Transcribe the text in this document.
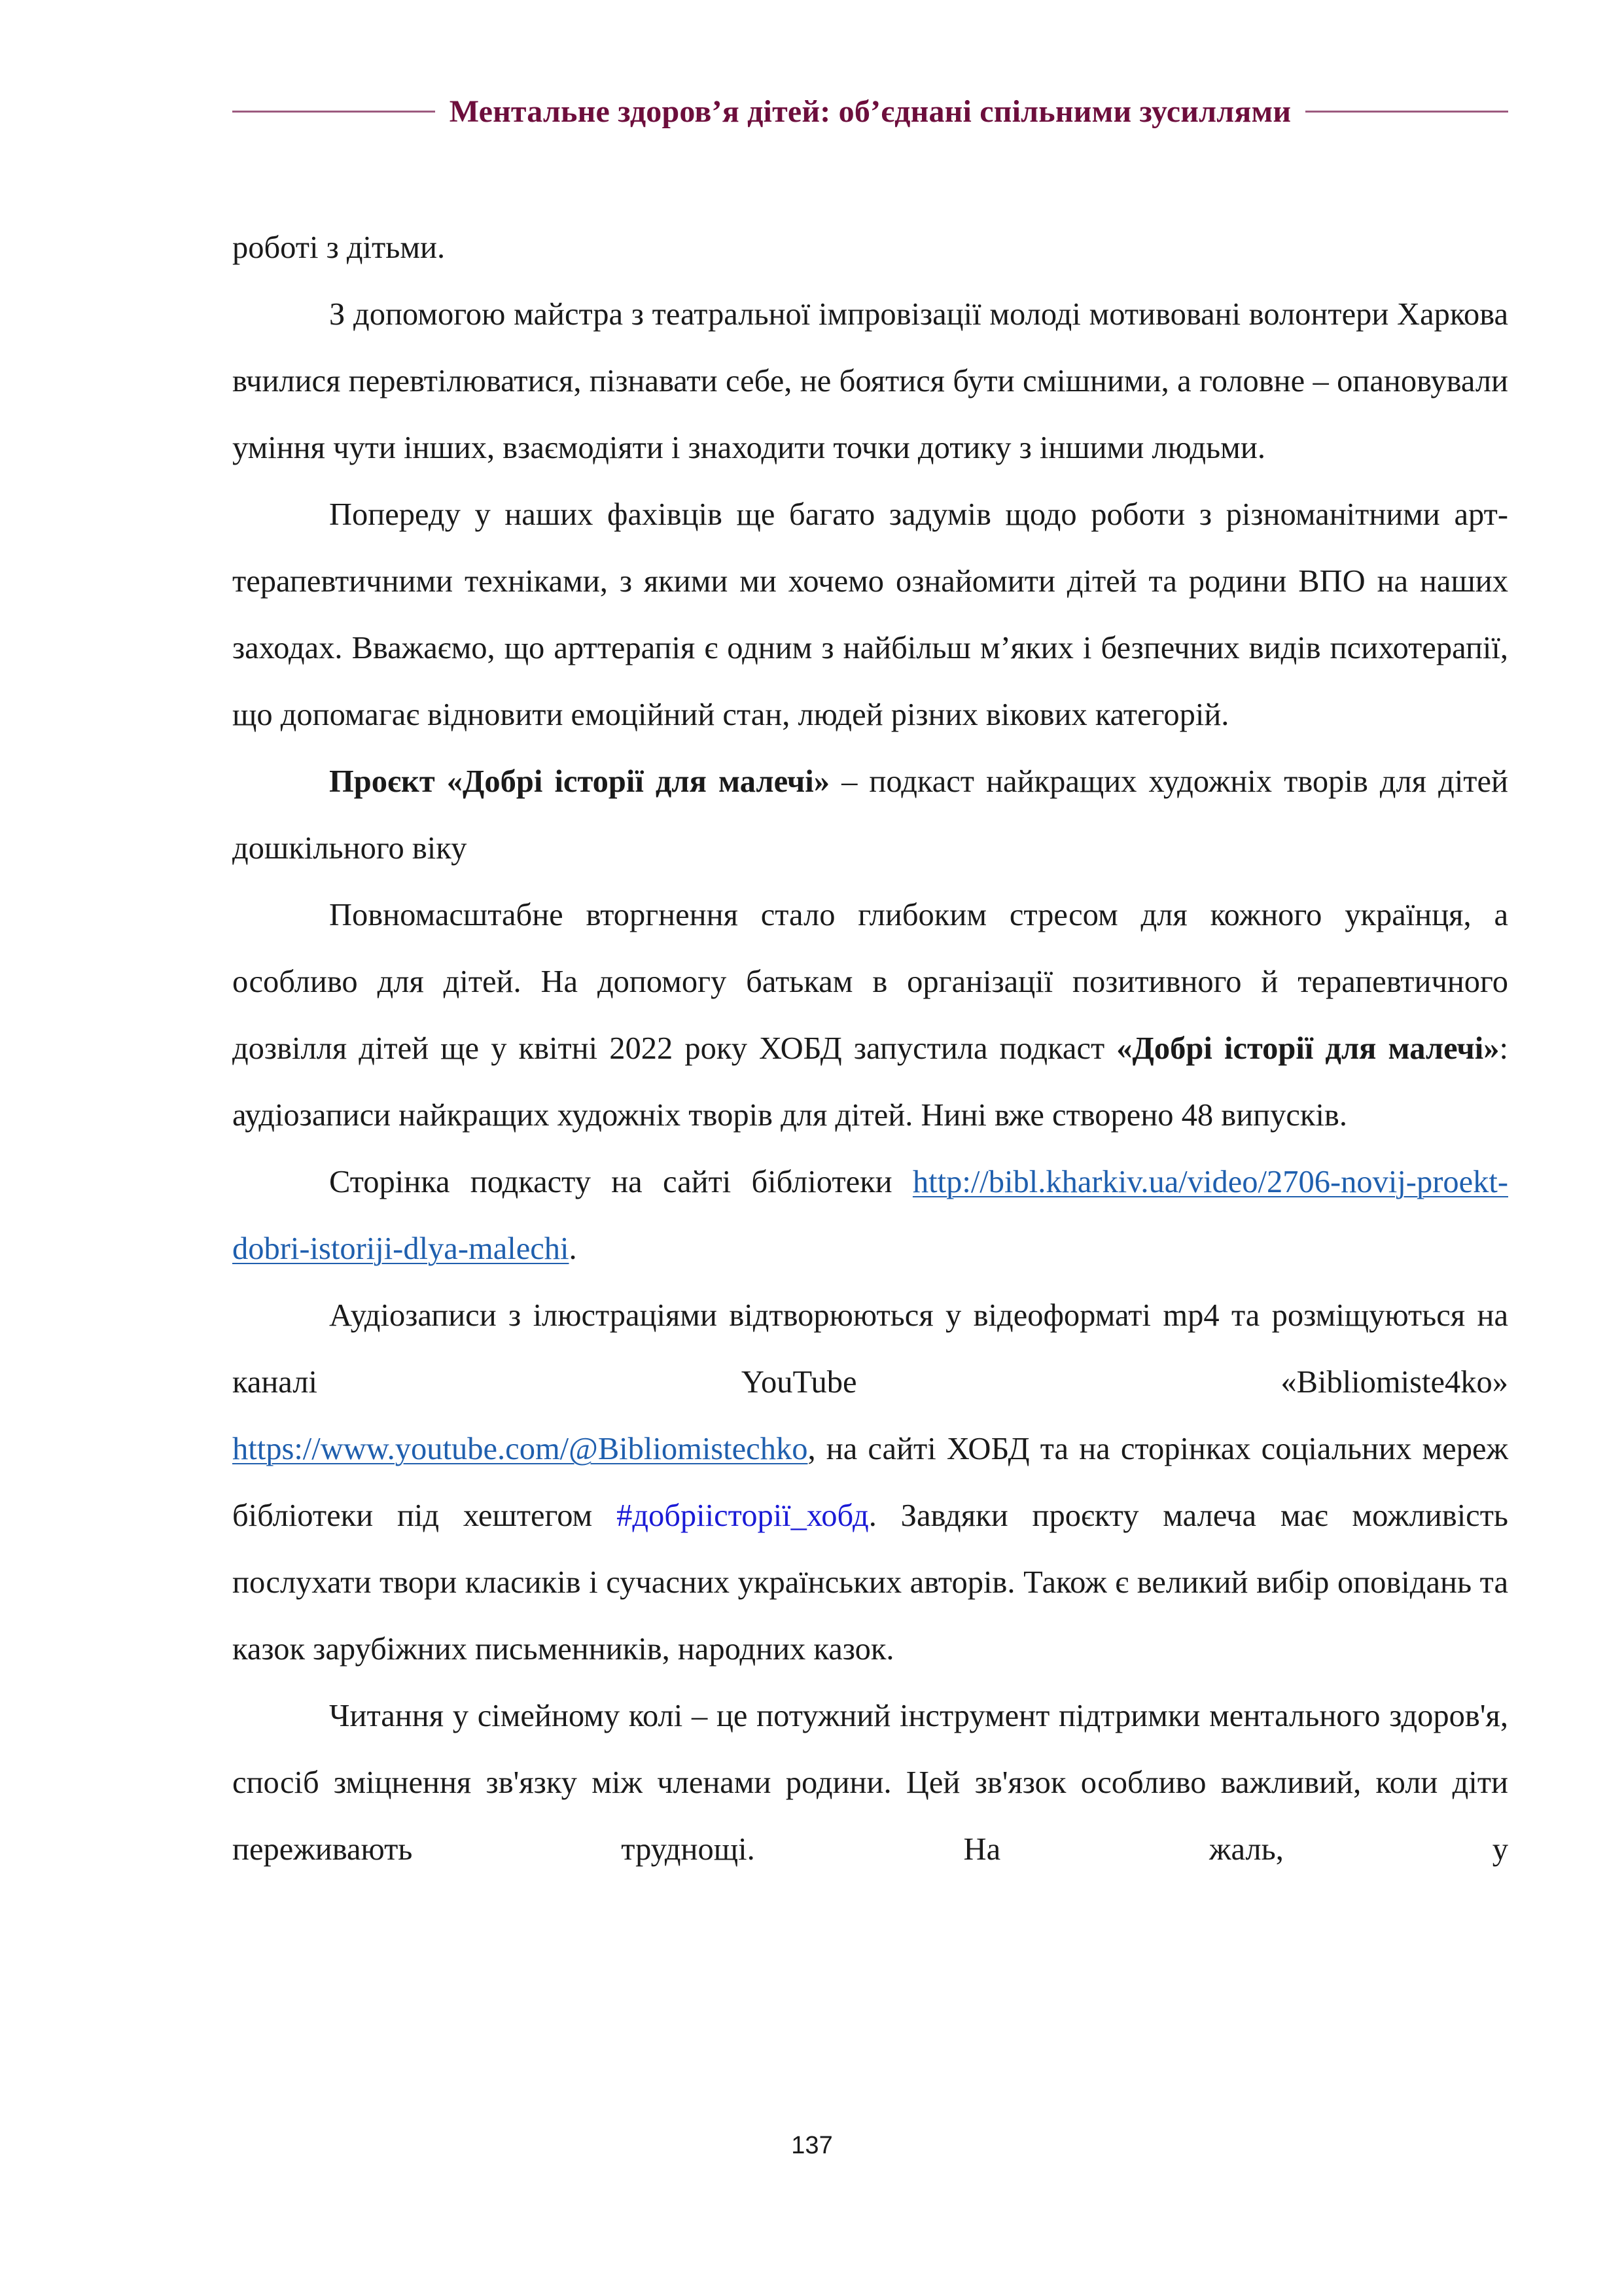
Ментальне здоров’я дітей: об’єднані спільними зусиллями

роботі з дітьми.

З допомогою майстра з театральної імпровізації молоді мотивовані волонтери Харкова вчилися перевтілюватися, пізнавати себе, не боятися бути смішними, а головне – опановували уміння чути інших, взаємодіяти і знаходити точки дотику з іншими людьми.

Попереду у наших фахівців ще багато задумів щодо роботи з різноманітними арт-терапевтичними техніками, з якими ми хочемо ознайомити дітей та родини ВПО на наших заходах. Вважаємо, що арттерапія є одним з найбільш м’яких і безпечних видів психотерапії, що допомагає відновити емоційний стан, людей різних вікових категорій.

Проєкт «Добрі історії для малечі» – подкаст найкращих художніх творів для дітей дошкільного віку

Повномасштабне вторгнення стало глибоким стресом для кожного українця, а особливо для дітей. На допомогу батькам в організації позитивного й терапевтичного дозвілля дітей ще у квітні 2022 року ХОБД запустила подкаст «Добрі історії для малечі»: аудіозаписи найкращих художніх творів для дітей. Нині вже створено 48 випусків.

Сторінка подкасту на сайті бібліотеки http://bibl.kharkiv.ua/video/2706-novij-proekt-dobri-istoriji-dlya-malechi.

Аудіозаписи з ілюстраціями відтворюються у відеоформаті mp4 та розміщуються на каналі YouTube «Bibliomiste4ko»
https://www.youtube.com/@Bibliomistechko, на сайті ХОБД та на сторінках соціальних мереж бібліотеки під хештегом #добріісторії_хобд. Завдяки проєкту малеча має можливість послухати твори класиків і сучасних українських авторів. Також є великий вибір оповідань та казок зарубіжних письменників, народних казок.

Читання у сімейному колі – це потужний інструмент підтримки ментального здоров'я, спосіб зміцнення зв'язку між членами родини. Цей зв'язок особливо важливий, коли діти переживають труднощі. На жаль, у

137
